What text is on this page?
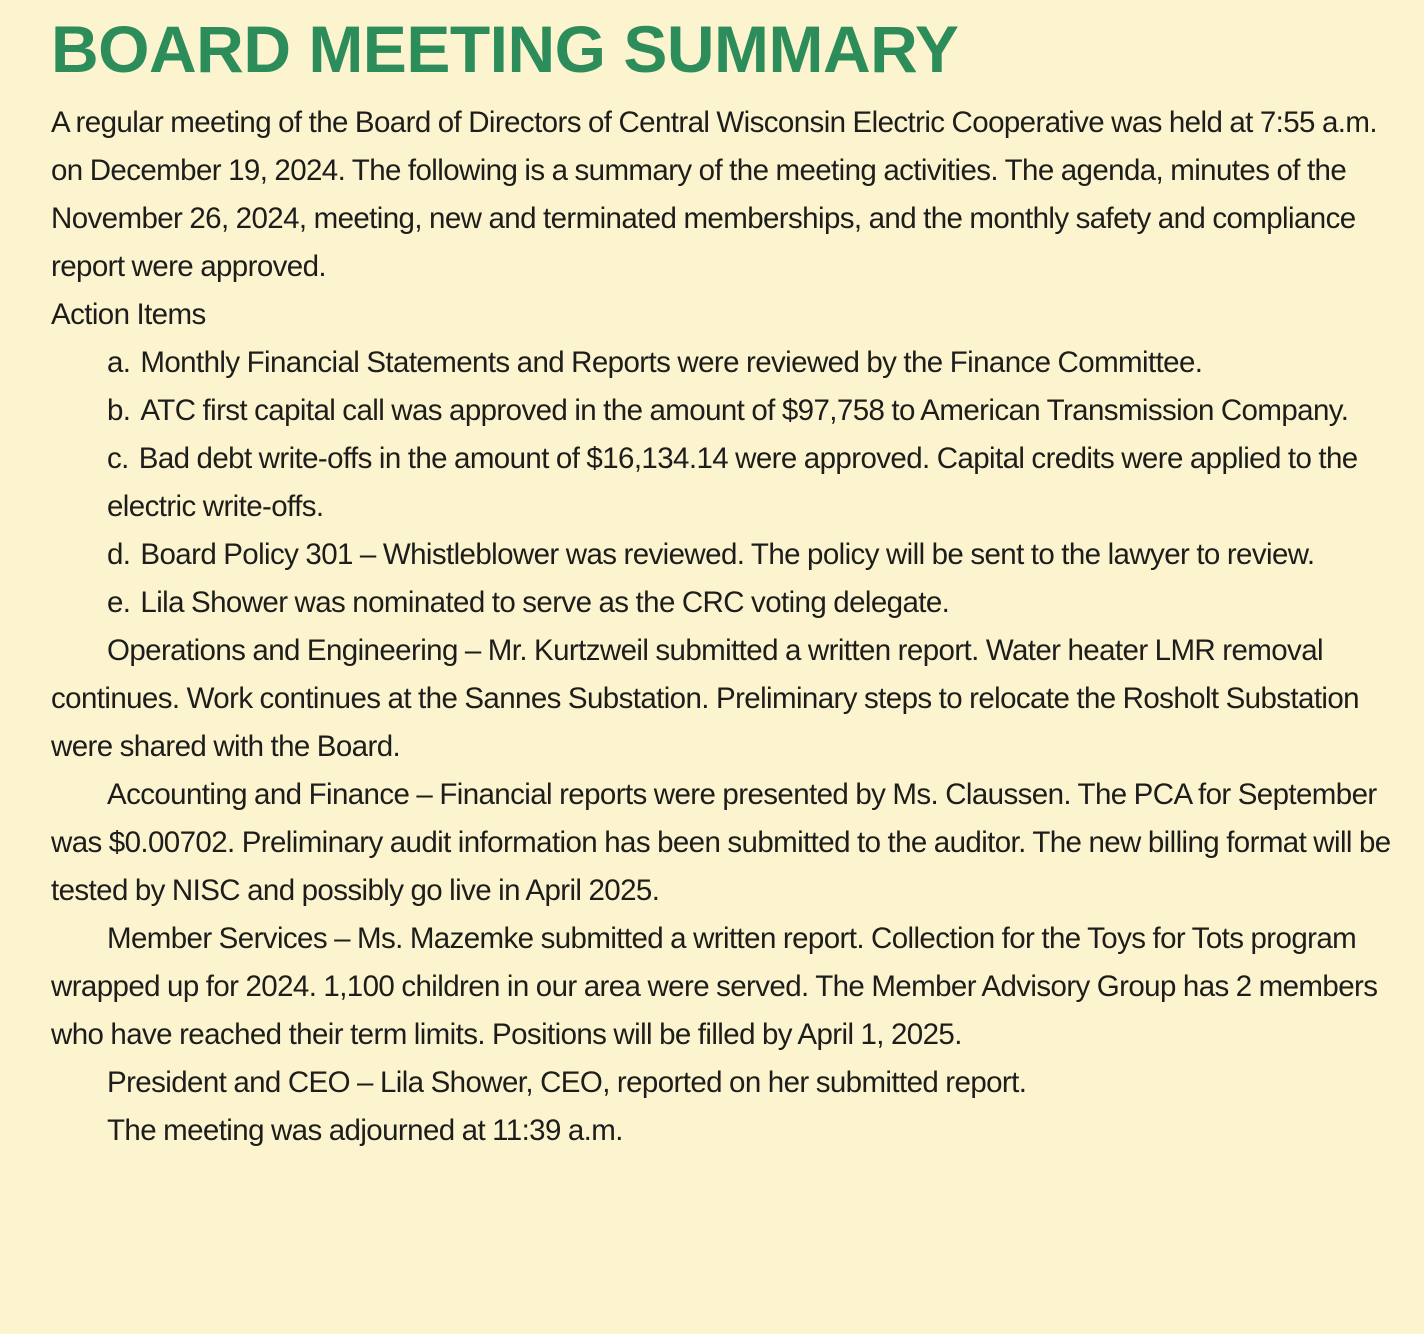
BOARD MEETING SUMMARY

A regular meeting of the Board of Directors of Central Wisconsin Electric Cooperative was held at 7:55 a.m. on December 19, 2024. The following is a summary of the meeting activities. The agenda, minutes of the November 26, 2024, meeting, new and terminated memberships, and the monthly safety and compliance report were approved.

Action Items

a. Monthly Financial Statements and Reports were reviewed by the Finance Committee.
b. ATC first capital call was approved in the amount of $97,758 to American Transmission Company.
c. Bad debt write-offs in the amount of $16,134.14 were approved. Capital credits were applied to the electric write-offs.
d. Board Policy 301 – Whistleblower was reviewed. The policy will be sent to the lawyer to review.
e. Lila Shower was nominated to serve as the CRC voting delegate.

Operations and Engineering – Mr. Kurtzweil submitted a written report. Water heater LMR removal continues. Work continues at the Sannes Substation. Preliminary steps to relocate the Rosholt Substation were shared with the Board.

Accounting and Finance – Financial reports were presented by Ms. Claussen. The PCA for September was $0.00702. Preliminary audit information has been submitted to the auditor. The new billing format will be tested by NISC and possibly go live in April 2025.

Member Services – Ms. Mazemke submitted a written report. Collection for the Toys for Tots program wrapped up for 2024. 1,100 children in our area were served. The Member Advisory Group has 2 members who have reached their term limits. Positions will be filled by April 1, 2025.

President and CEO – Lila Shower, CEO, reported on her submitted report.

The meeting was adjourned at 11:39 a.m.
